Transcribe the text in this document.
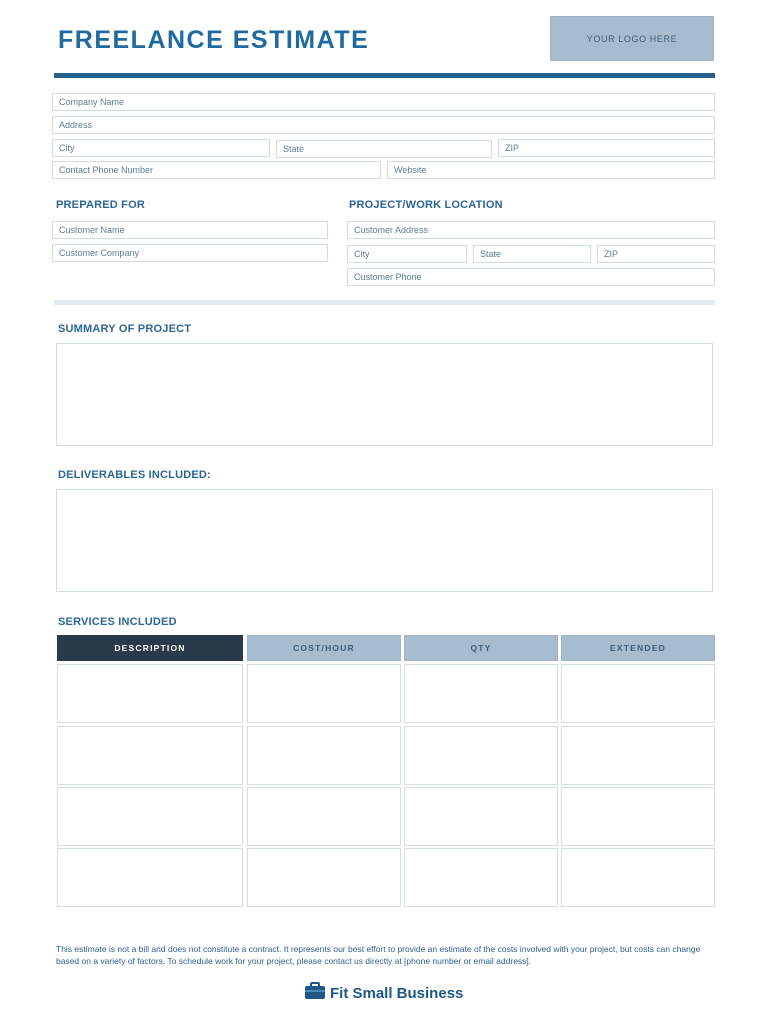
FREELANCE ESTIMATE	YOUR LOGO HERE
Company Name
Address
City	State	ZIP
Contact Phone Number	Website
PREPARED FOR
Customer Name
Customer Company
PROJECT/WORK LOCATION
Customer Address
City	State	ZIP
Customer Phone
SUMMARY OF PROJECT
DELIVERABLES INCLUDED:
SERVICES INCLUDED
DESCRIPTION	COST/HOUR	QTY	EXTENDED
This estimate is not a bill and does not constitute a contract. It represents our best effort to provide an estimate of the costs involved with your project, but costs can change based on a variety of factors. To schedule work for your project, please contact us directly at [phone number or email address].
Fit Small Business
